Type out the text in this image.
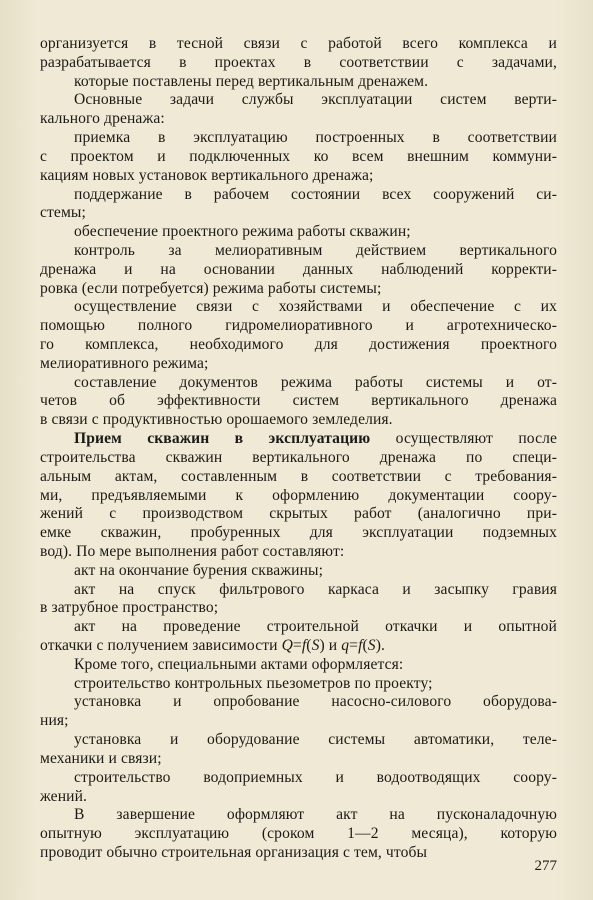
организуется в тесной связи с работой всего комплекса и
разрабатывается в проектах в соответствии с задачами,
которые поставлены перед вертикальным дренажем.
Основные задачи службы эксплуатации систем верти-
кального дренажа:
приемка в эксплуатацию построенных в соответствии
с проектом и подключенных ко всем внешним коммуни-
кациям новых установок вертикального дренажа;
поддержание в рабочем состоянии всех сооружений си-
стемы;
обеспечение проектного режима работы скважин;
контроль за мелиоративным действием вертикального
дренажа и на основании данных наблюдений корректи-
ровка (если потребуется) режима работы системы;
осуществление связи с хозяйствами и обеспечение с их
помощью полного гидромелиоративного и агротехническо-
го комплекса, необходимого для достижения проектного
мелиоративного режима;
составление документов режима работы системы и от-
четов об эффективности систем вертикального дренажа
в связи с продуктивностью орошаемого земледелия.
Прием скважин в эксплуатацию осуществляют после
строительства скважин вертикального дренажа по специ-
альным актам, составленным в соответствии с требования-
ми, предъявляемыми к оформлению документации соору-
жений с производством скрытых работ (аналогично при-
емке скважин, пробуренных для эксплуатации подземных
вод). По мере выполнения работ составляют:
акт на окончание бурения скважины;
акт на спуск фильтрового каркаса и засыпку гравия
в затрубное пространство;
акт на проведение строительной откачки и опытной
откачки с получением зависимости Q=f(S) и q=f(S).
Кроме того, специальными актами оформляется:
строительство контрольных пьезометров по проекту;
установка и опробование насосно-силового оборудова-
ния;
установка и оборудование системы автоматики, теле-
механики и связи;
277
строительство водоприемных и водоотводящих соору-
жений.
В завершение оформляют акт на пусконаладочную
опытную эксплуатацию (сроком 1—2 месяца), которую
проводит обычно строительная организация с тем, чтобы
